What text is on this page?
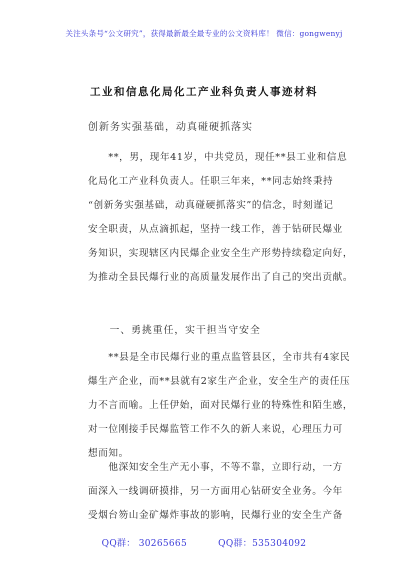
关注头条号“公文研究”，获得最新最全最专业的公文资料库！ 微信：gongwenyj
工业和信息化局化工产业科负责人事迹材料
创新务实强基础，动真碰硬抓落实
　　**，男，现年41岁，中共党员，现任**县工业和信息
化局化工产业科负责人。任职三年来，**同志始终秉持
“创新务实强基础，动真碰硬抓落实”的信念，时刻谨记
安全职责，从点滴抓起，坚持一线工作，善于钻研民爆业
务知识，实现辖区内民爆企业安全生产形势持续稳定向好，
为推动全县民爆行业的高质量发展作出了自己的突出贡献。
　　一、勇挑重任，实干担当守安全
　　**县是全市民爆行业的重点监管县区，全市共有4家民
爆生产企业，而**县就有2家生产企业，安全生产的责任压
力不言而喻。上任伊始，面对民爆行业的特殊性和陌生感，
对一位刚接手民爆监管工作不久的新人来说，心理压力可
想而知。
　　他深知安全生产无小事，不等不靠，立即行动，一方
面深入一线调研摸排，另一方面用心钻研安全业务。今年
受烟台笏山金矿爆炸事故的影响，民爆行业的安全生产备
QQ群： 30265665	QQ群：535304092
